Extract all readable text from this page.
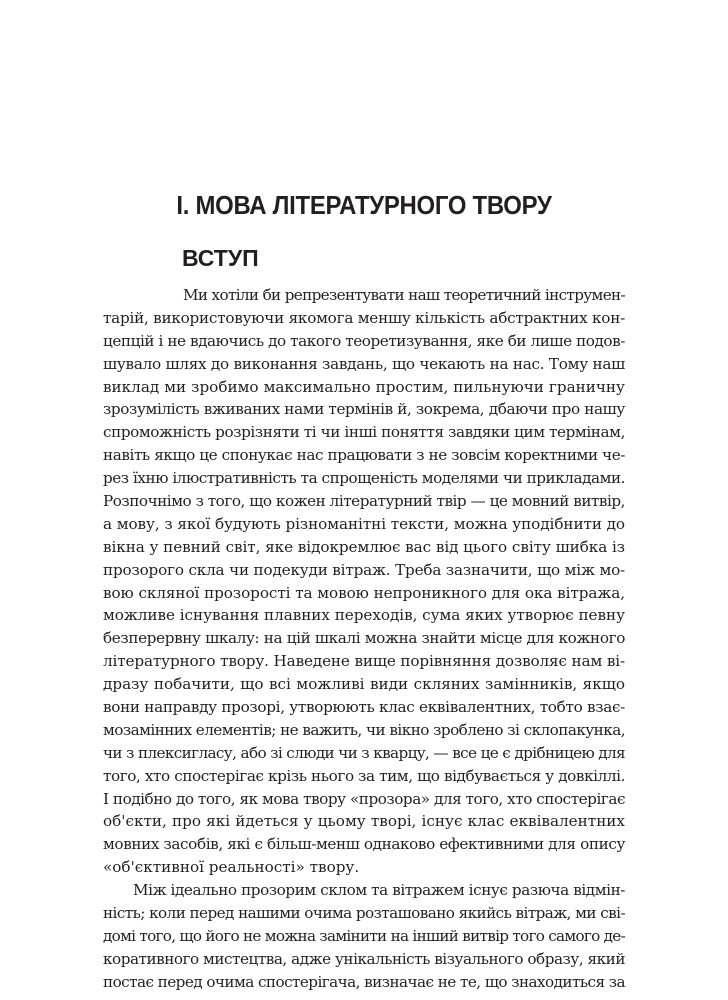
І. МОВА ЛІТЕРАТУРНОГО ТВОРУ
ВСТУП
Ми хотіли би репрезентувати наш теоретичний інструмен-
тарій, використовуючи якомога меншу кількість абстрактних кон-
цепцій і не вдаючись до такого теоретизування, яке би лише подов-
шувало шлях до виконання завдань, що чекають на нас. Тому наш
виклад ми зробимо максимально простим, пильнуючи граничну
зрозумілість вживаних нами термінів й, зокрема, дбаючи про нашу
спроможність розрізняти ті чи інші поняття завдяки цим термінам,
навіть якщо це спонукає нас працювати з не зовсім коректними че-
рез їхню ілюстративність та спрощеність моделями чи прикладами.
Розпочнімо з того, що кожен літературний твір — це мовний витвір,
а мову, з якої будують різноманітні тексти, можна уподібнити до
вікна у певний світ, яке відокремлює вас від цього світу шибка із
прозорого скла чи подекуди вітраж. Треба зазначити, що між мо-
вою скляної прозорості та мовою непроникного для ока вітража,
можливе існування плавних переходів, сума яких утворює певну
безперервну шкалу: на цій шкалі можна знайти місце для кожного
літературного твору. Наведене вище порівняння дозволяє нам ві-
дразу побачити, що всі можливі види скляних замінників, якщо
вони направду прозорі, утворюють клас еквівалентних, тобто взає-
мозамінних елементів; не важить, чи вікно зроблено зі склопакунка,
чи з плексигласу, або зі слюди чи з кварцу, — все це є дрібницею для
того, хто спостерігає крізь нього за тим, що відбувається у довкіллі.
І подібно до того, як мова твору «прозора» для того, хто спостерігає
об'єкти, про які йдеться у цьому творі, існує клас еквівалентних
мовних засобів, які є більш-менш однаково ефективними для опису
«об'єктивної реальності» твору.
Між ідеально прозорим склом та вітражем існує разюча відмін-
ність; коли перед нашими очима розташовано якийсь вітраж, ми сві-
домі того, що його не можна замінити на інший витвір того самого де-
коративного мистецтва, адже унікальність візуального образу, який
постає перед очима спостерігача, визначає не те, що знаходиться за
